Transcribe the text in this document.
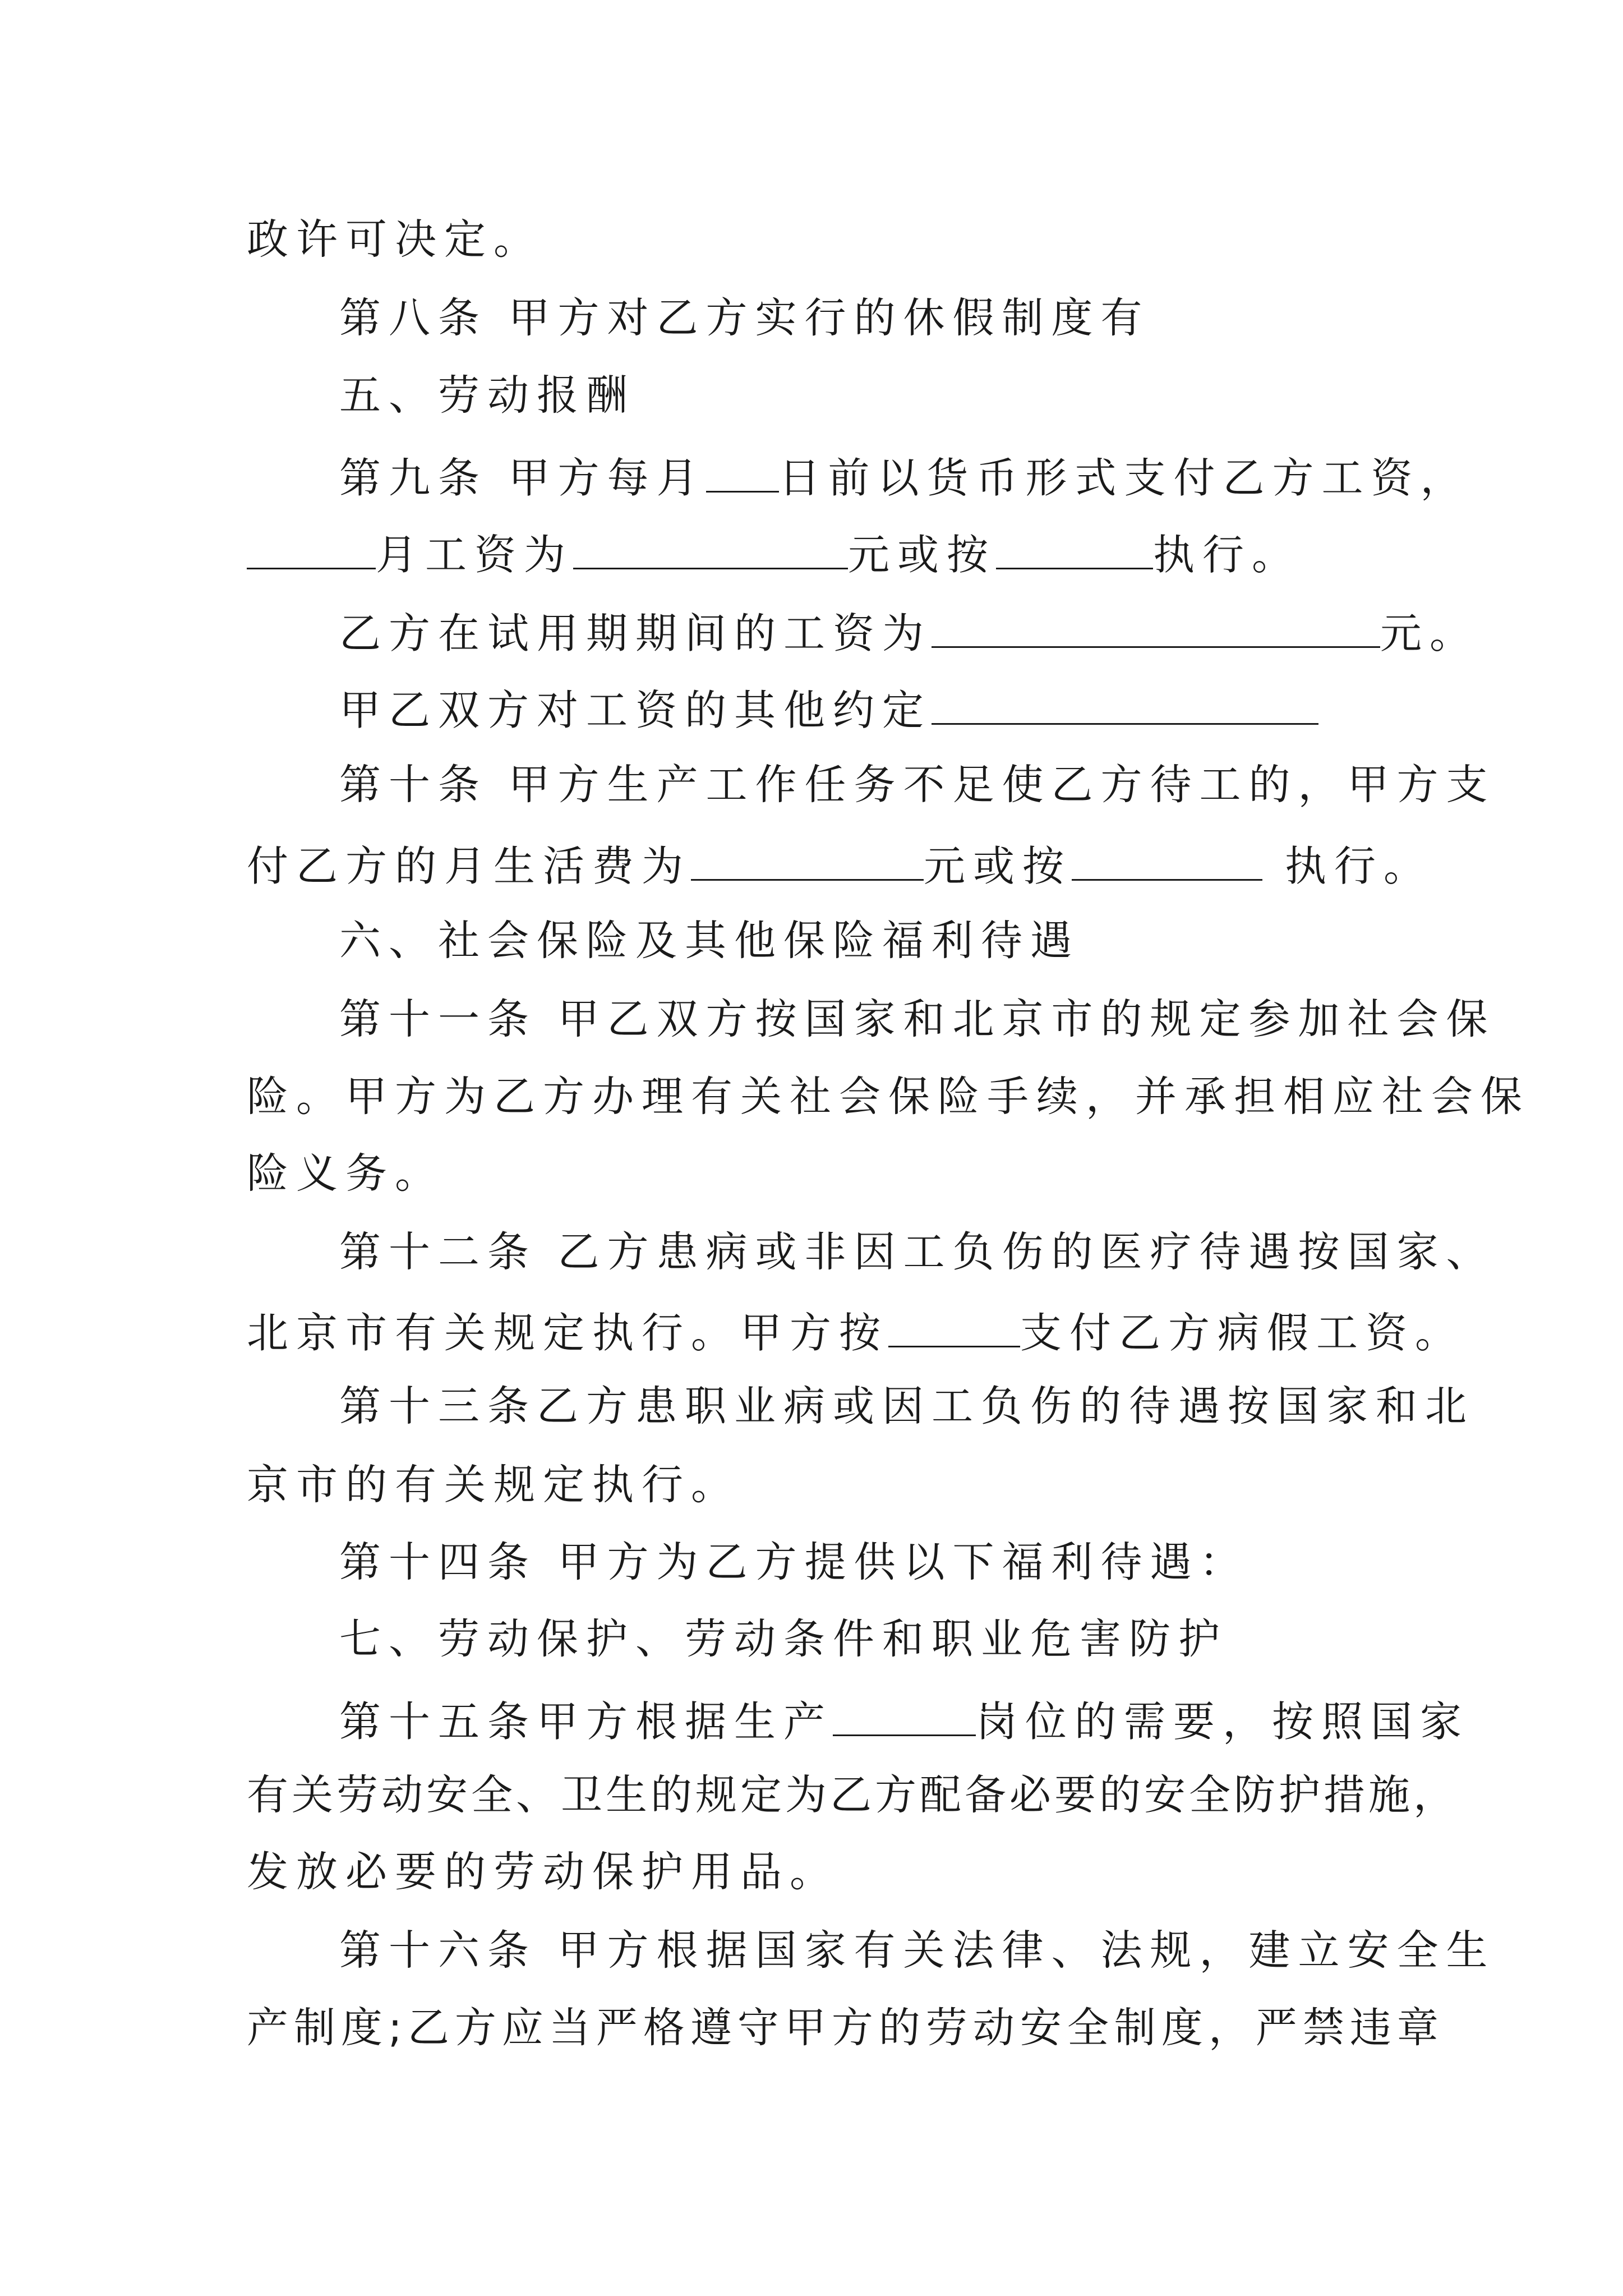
政许可决定。
第八条 甲方对乙方实行的休假制度有
五、劳动报酬
第九条 甲方每月 日前以货币形式支付乙方工资，
月工资为	元或按	执行。
乙方在试用期期间的工资为	元。
甲乙双方对工资的其他约定
第十条 甲方生产工作任务不足使乙方待工的，甲方支
付乙方的月生活费为	元或按	执行。
六、社会保险及其他保险福利待遇
第十一条 甲乙双方按国家和北京市的规定参加社会保
险。甲方为乙方办理有关社会保险手续，并承担相应社会保
险义务。
第十二条 乙方患病或非因工负伤的医疗待遇按国家、
北京市有关规定执行。甲方按	支付乙方病假工资。
第十三条乙方患职业病或因工负伤的待遇按国家和北
京市的有关规定执行。
第十四条 甲方为乙方提供以下福利待遇：
七、劳动保护、劳动条件和职业危害防护
第十五条甲方根据生产	岗位的需要，按照国家
有关劳动安全、卫生的规定为乙方配备必要的安全防护措施，
发放必要的劳动保护用品。
第十六条 甲方根据国家有关法律、法规，建立安全生
产制度;乙方应当严格遵守甲方的劳动安全制度，严禁违章
